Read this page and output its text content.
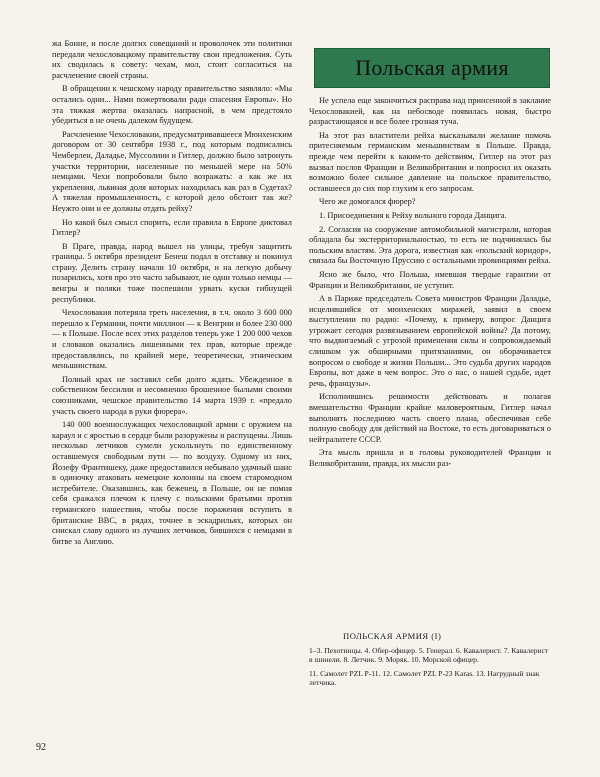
жа Бонне, и после долгих совещаний и проволочек эти политики передали чехословацкому правительству свои предложения. Суть их сводилась к совету: чехам, мол, стоит согласиться на расчленение своей страны.

В обращении к чешскому народу правительство заявляло: «Мы остались одни... Нами пожертвовали ради спасения Европы». Но эта тяжкая жертва оказалась напрасной, в чем предстояло убедиться в не очень далеком будущем.

Расчленение Чехословакии, предусматривавшееся Мюнхенским договором от 30 сентября 1938 г., под которым подписались Чемберлен, Даладье, Муссолини и Гитлер, должно было затронуть участки территории, населенные по меньшей мере на 50% немцами. Чехи попробовали было возражать: а как же их укрепления, львиная доля которых находилась как раз в Судетах? А тяжелая промышленность, с которой дело обстоит так же? Неужто они и ее должны отдать рейху?

Но какой был смысл спорить, если правила в Европе диктовал Гитлер?

В Праге, правда, народ вышел на улицы, требуя защитить границы. 5 октября президент Бенеш подал в отставку и покинул страну. Делить страну начали 10 октября, и на легкую добычу позарились, хотя про это часто забывают, не одни только немцы — венгры и поляки тоже поспешили урвать куски гибнущей республики.

Чехословакия потеряла треть населения, в т.ч. около 3 600 000 перешло к Германии, почти миллион — к Венгрии и более 230 000 — к Польше. После всех этих разделов теперь уже 1 200 000 чехов и словаков оказались лишенными тех прав, которые прежде предоставлялись, по крайней мере, теоретически, этническим меньшинствам.

Полный крах не заставил себя долго ждать. Убежденное в собственном бессилии и несомненно брошенное былыми своими союзниками, чешское правительство 14 марта 1939 г. «предало участь своего народа в руки фюрера».

140 000 военнослужащих чехословацкой армии с оружием на караул и с яростью в сердце были разоружены и распущены. Лишь несколько летчиков сумели ускользнуть по единственному оставшемуся свободным пути — по воздуху. Одному из них, Йозефу Франтишеку, даже предоставился небывало удачный шанс в одиночку атаковать немецкие колонны на своем старомодном истребителе. Оказавшись, как беженец, в Польше, он не помня себя сражался плечом к плечу с польскими братьями против германского нашествия, чтобы после поражения вступить в британские ВВС, в рядах, точнее в эскадрильях, которых он снискал славу одного из лучших летчиков, бившихся с немцами в битве за Англию.

Польская армия

Не успела еще закончиться расправа над принсенной в заклание Чехословакией, как на небосводе появилась новая, быстро разрастающаяся и все более грозная туча.

На этот раз властители рейха высказывали желание помочь притесняемым германским меньшинствам в Польше. Правда, прежде чем перейти к каким-то действиям, Гитлер на этот раз вызвал послов Франции и Великобритании и попросил их оказать возможно более сильное давление на польское правительство, оставшееся до сих пор глухим к его запросам.

Чего же домогался фюрер?

1. Присоединения к Рейху вольного города Данцига.

2. Согласия на сооружение автомобильной магистрали, которая обладала бы экстерриториальностью, то есть не подчинялась бы польским властям. Эта дорога, известная как «польский коридор», связала бы Восточную Пруссию с остальными провинциями рейха.

Ясно же было, что Польша, имевшая твердые гарантии от Франции и Великобритании, не уступит.

А в Париже председатель Совета министров Франции Даладье, исцелившийся от мюнхенских миражей, заявил в своем выступлении по радио: «Почему, к примеру, вопрос Данцига угрожает сегодня развязыванием европейской войны? Да потому, что выдвигаемый с угрозой применения силы и сопровождаемый слишком уж обширными притязаниями, он оборачивается вопросом о свободе и жизни Польши... Это судьба других народов Европы, вот даже в чем вопрос. Это о нас, о нашей судьбе, идет речь, французы».

Исполнившись решимости действовать и полагая вмешательство Франции крайне маловероятным, Гитлер начал выполнять последнюю часть своего плана, обеспечивая себе полную свободу для действий на Востоке, то есть договариваться о нейтралитете СССР.

Эта мысль пришла и в головы руководителей Франции и Великобритании, правда, их мысли раз-

ПОЛЬСКАЯ АРМИЯ (I)

1–3. Пехотинцы. 4. Обер-офицер. 5. Генерал. 6. Кавалерист. 7. Кавалерист в шинели. 8. Летчик. 9. Моряк. 10. Морской офицер.

11. Самолет PZL P-11. 12. Самолет PZL P-23 Karas. 13. Нагрудный знак летчика.

92
